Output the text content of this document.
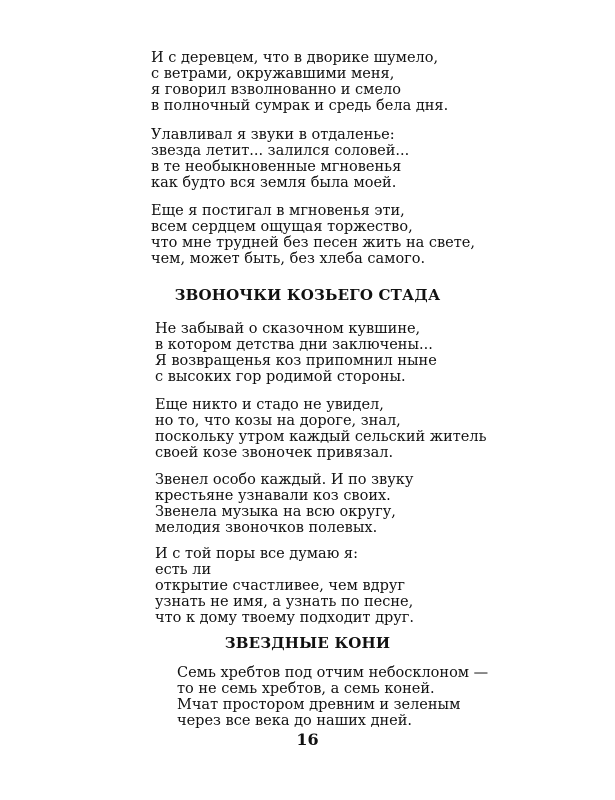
И с деревцем, что в дворике шумело,
с ветрами, окружавшими меня,
я говорил взволнованно и смело
в полночный сумрак и средь бела дня.
Улавливал я звуки в отдаленье:
звезда летит... залился соловей...
в те необыкновенные мгновенья
как будто вся земля была моей.
Еще я постигал в мгновенья эти,
всем сердцем ощущая торжество,
что мне трудней без песен жить на свете,
чем, может быть, без хлеба самого.
ЗВОНОЧКИ КОЗЬЕГО СТАДА
Не забывай о сказочном кувшине,
в котором детства дни заключены...
Я возвращенья коз припомнил ныне
с высоких гор родимой стороны.
Еще никто и стадо не увидел,
но то, что козы на дороге, знал,
поскольку утром каждый сельский житель
своей козе звоночек привязал.
Звенел особо каждый. И по звуку
крестьяне узнавали коз своих.
Звенела музыка на всю округу,
мелодия звоночков полевых.
И с той поры все думаю я:
есть ли
открытие счастливее, чем вдруг
узнать не имя, а узнать по песне,
что к дому твоему подходит друг.
ЗВЕЗДНЫЕ КОНИ
Семь хребтов под отчим небосклоном —
то не семь хребтов, а семь коней.
Мчат простором древним и зеленым
через все века до наших дней.
16
